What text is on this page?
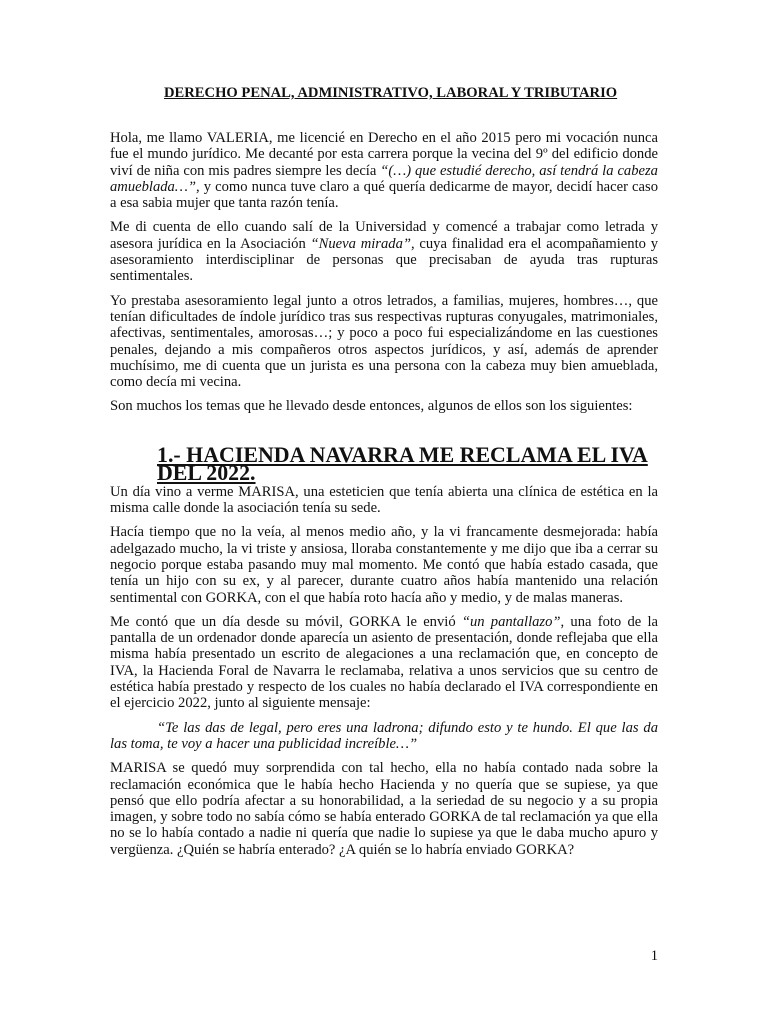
DERECHO PENAL, ADMINISTRATIVO, LABORAL Y TRIBUTARIO

Hola, me llamo VALERIA, me licencié en Derecho en el año 2015 pero mi vocación nunca fue el mundo jurídico. Me decanté por esta carrera porque la vecina del 9º del edificio donde viví de niña con mis padres siempre les decía “(…) que estudié derecho, así tendrá la cabeza amueblada…”, y como nunca tuve claro a qué quería dedicarme de mayor, decidí hacer caso a esa sabia mujer que tanta razón tenía.

Me di cuenta de ello cuando salí de la Universidad y comencé a trabajar como letrada y asesora jurídica en la Asociación “Nueva mirada”, cuya finalidad era el acompañamiento y asesoramiento interdisciplinar de personas que precisaban de ayuda tras rupturas sentimentales.

Yo prestaba asesoramiento legal junto a otros letrados, a familias, mujeres, hombres…, que tenían dificultades de índole jurídico tras sus respectivas rupturas conyugales, matrimoniales, afectivas, sentimentales, amorosas…; y poco a poco fui especializándome en las cuestiones penales, dejando a mis compañeros otros aspectos jurídicos, y así, además de aprender muchísimo, me di cuenta que un jurista es una persona con la cabeza muy bien amueblada, como decía mi vecina.

Son muchos los temas que he llevado desde entonces, algunos de ellos son los siguientes:

1.- HACIENDA NAVARRA ME RECLAMA EL IVA DEL 2022.

Un día vino a verme MARISA, una esteticien que tenía abierta una clínica de estética en la misma calle donde la asociación tenía su sede.

Hacía tiempo que no la veía, al menos medio año, y la vi francamente desmejorada: había adelgazado mucho, la vi triste y ansiosa, lloraba constantemente y me dijo que iba a cerrar su negocio porque estaba pasando muy mal momento. Me contó que había estado casada, que tenía un hijo con su ex, y al parecer, durante cuatro años había mantenido una relación sentimental con GORKA, con el que había roto hacía año y medio, y de malas maneras.

Me contó que un día desde su móvil, GORKA le envió “un pantallazo”, una foto de la pantalla de un ordenador donde aparecía un asiento de presentación, donde reflejaba que ella misma había presentado un escrito de alegaciones a una reclamación que, en concepto de IVA, la Hacienda Foral de Navarra le reclamaba, relativa a unos servicios que su centro de estética había prestado y respecto de los cuales no había declarado el IVA correspondiente en el ejercicio 2022, junto al siguiente mensaje:

“Te las das de legal, pero eres una ladrona; difundo esto y te hundo. El que las da las toma, te voy a hacer una publicidad increíble…”

MARISA se quedó muy sorprendida con tal hecho, ella no había contado nada sobre la reclamación económica que le había hecho Hacienda y no quería que se supiese, ya que pensó que ello podría afectar a su honorabilidad, a la seriedad de su negocio y a su propia imagen, y sobre todo no sabía cómo se había enterado GORKA de tal reclamación ya que ella no se lo había contado a nadie ni quería que nadie lo supiese ya que le daba mucho apuro y vergüenza. ¿Quién se habría enterado? ¿A quién se lo habría enviado GORKA?

1
